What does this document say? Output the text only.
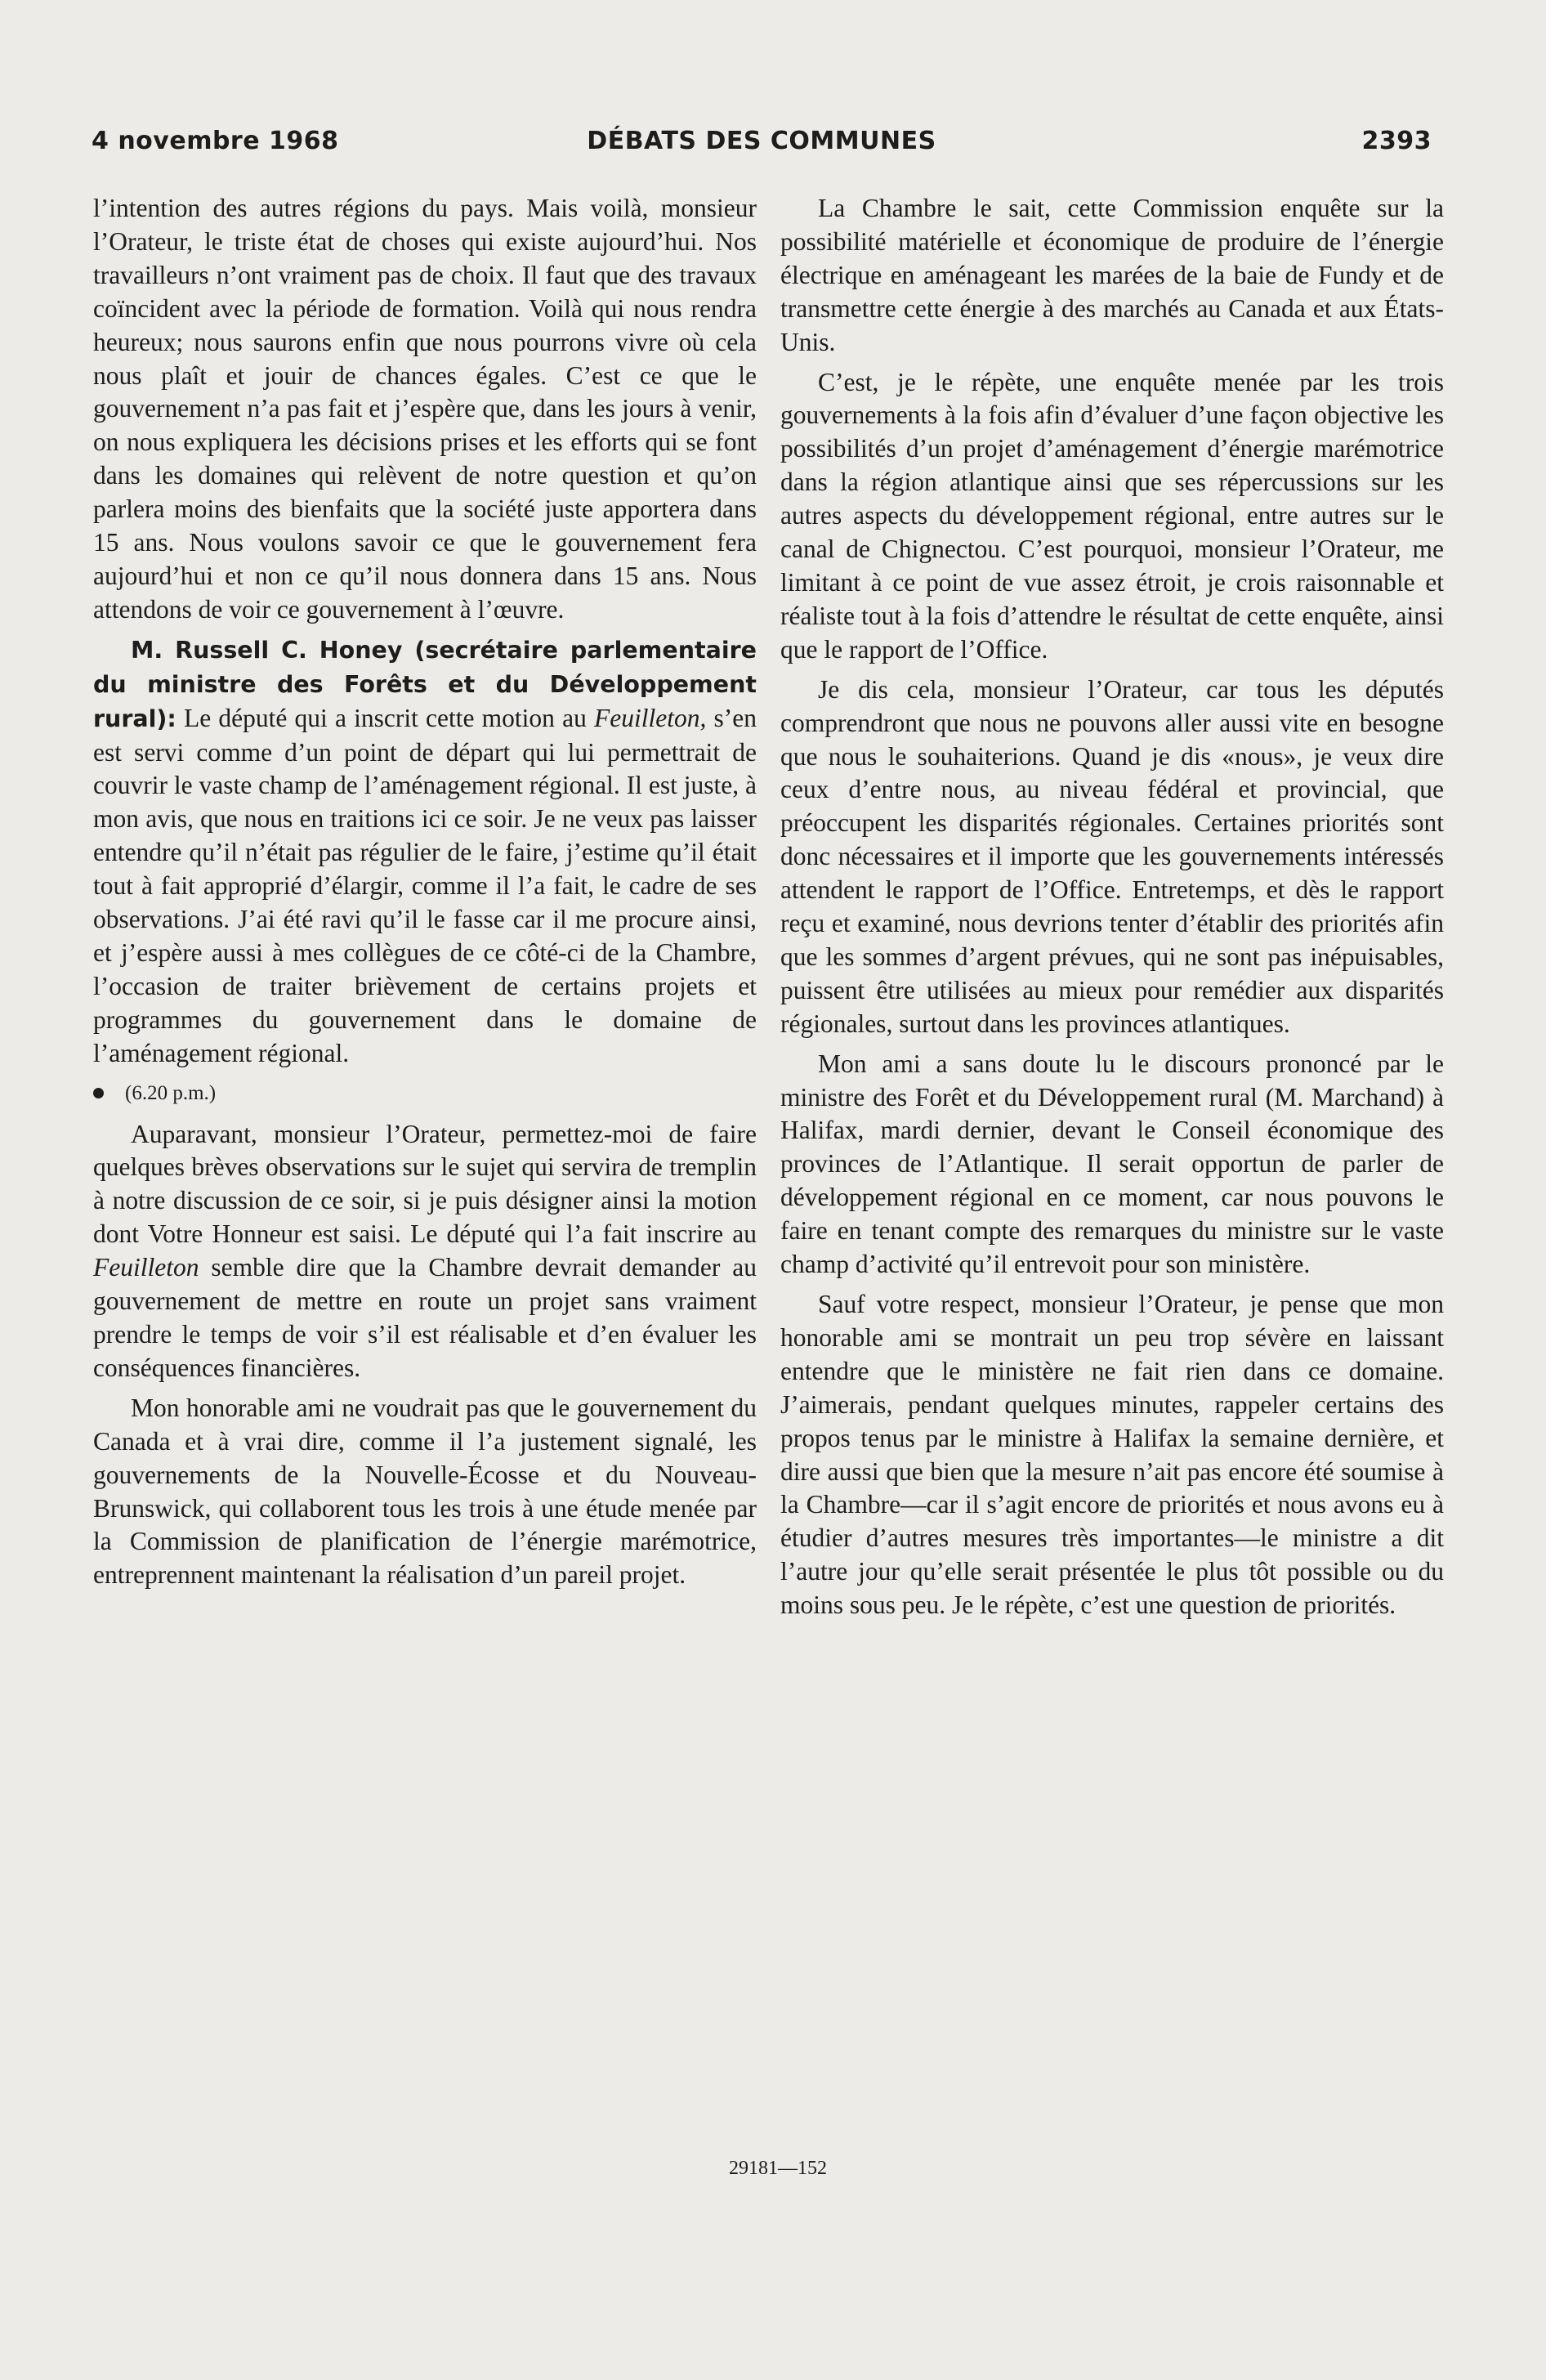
4 novembre 1968	DÉBATS DES COMMUNES	2393

l’intention des autres régions du pays. Mais voilà, monsieur l’Orateur, le triste état de choses qui existe aujourd’hui. Nos travailleurs n’ont vraiment pas de choix. Il faut que des travaux coïncident avec la période de formation. Voilà qui nous rendra heureux; nous saurons enfin que nous pourrons vivre où cela nous plaît et jouir de chances égales. C’est ce que le gouvernement n’a pas fait et j’espère que, dans les jours à venir, on nous expliquera les décisions prises et les efforts qui se font dans les domaines qui relèvent de notre question et qu’on parlera moins des bienfaits que la société juste apportera dans 15 ans. Nous voulons savoir ce que le gouvernement fera aujourd’hui et non ce qu’il nous donnera dans 15 ans. Nous attendons de voir ce gouvernement à l’œuvre.

M. Russell C. Honey (secrétaire parlementaire du ministre des Forêts et du Développement rural): Le député qui a inscrit cette motion au Feuilleton, s’en est servi comme d’un point de départ qui lui permettrait de couvrir le vaste champ de l’aménagement régional. Il est juste, à mon avis, que nous en traitions ici ce soir. Je ne veux pas laisser entendre qu’il n’était pas régulier de le faire, j’estime qu’il était tout à fait approprié d’élargir, comme il l’a fait, le cadre de ses observations. J’ai été ravi qu’il le fasse car il me procure ainsi, et j’espère aussi à mes collègues de ce côté-ci de la Chambre, l’occasion de traiter brièvement de certains projets et programmes du gouvernement dans le domaine de l’aménagement régional.

(6.20 p.m.)

Auparavant, monsieur l’Orateur, permettez-moi de faire quelques brèves observations sur le sujet qui servira de tremplin à notre discussion de ce soir, si je puis désigner ainsi la motion dont Votre Honneur est saisi. Le député qui l’a fait inscrire au Feuilleton semble dire que la Chambre devrait demander au gouvernement de mettre en route un projet sans vraiment prendre le temps de voir s’il est réalisable et d’en évaluer les conséquences financières.

Mon honorable ami ne voudrait pas que le gouvernement du Canada et à vrai dire, comme il l’a justement signalé, les gouvernements de la Nouvelle-Écosse et du Nouveau-Brunswick, qui collaborent tous les trois à une étude menée par la Commission de planification de l’énergie marémotrice, entreprennent maintenant la réalisation d’un pareil projet.

La Chambre le sait, cette Commission enquête sur la possibilité matérielle et économique de produire de l’énergie électrique en aménageant les marées de la baie de Fundy et de transmettre cette énergie à des marchés au Canada et aux États-Unis.

C’est, je le répète, une enquête menée par les trois gouvernements à la fois afin d’évaluer d’une façon objective les possibilités d’un projet d’aménagement d’énergie marémotrice dans la région atlantique ainsi que ses répercussions sur les autres aspects du développement régional, entre autres sur le canal de Chignectou. C’est pourquoi, monsieur l’Orateur, me limitant à ce point de vue assez étroit, je crois raisonnable et réaliste tout à la fois d’attendre le résultat de cette enquête, ainsi que le rapport de l’Office.

Je dis cela, monsieur l’Orateur, car tous les députés comprendront que nous ne pouvons aller aussi vite en besogne que nous le souhaiterions. Quand je dis «nous», je veux dire ceux d’entre nous, au niveau fédéral et provincial, que préoccupent les disparités régionales. Certaines priorités sont donc nécessaires et il importe que les gouvernements intéressés attendent le rapport de l’Office. Entretemps, et dès le rapport reçu et examiné, nous devrions tenter d’établir des priorités afin que les sommes d’argent prévues, qui ne sont pas inépuisables, puissent être utilisées au mieux pour remédier aux disparités régionales, surtout dans les provinces atlantiques.

Mon ami a sans doute lu le discours prononcé par le ministre des Forêt et du Développement rural (M. Marchand) à Halifax, mardi dernier, devant le Conseil économique des provinces de l’Atlantique. Il serait opportun de parler de développement régional en ce moment, car nous pouvons le faire en tenant compte des remarques du ministre sur le vaste champ d’activité qu’il entrevoit pour son ministère.

Sauf votre respect, monsieur l’Orateur, je pense que mon honorable ami se montrait un peu trop sévère en laissant entendre que le ministère ne fait rien dans ce domaine. J’aimerais, pendant quelques minutes, rappeler certains des propos tenus par le ministre à Halifax la semaine dernière, et dire aussi que bien que la mesure n’ait pas encore été soumise à la Chambre—car il s’agit encore de priorités et nous avons eu à étudier d’autres mesures très importantes—le ministre a dit l’autre jour qu’elle serait présentée le plus tôt possible ou du moins sous peu. Je le répète, c’est une question de priorités.

29181—152
